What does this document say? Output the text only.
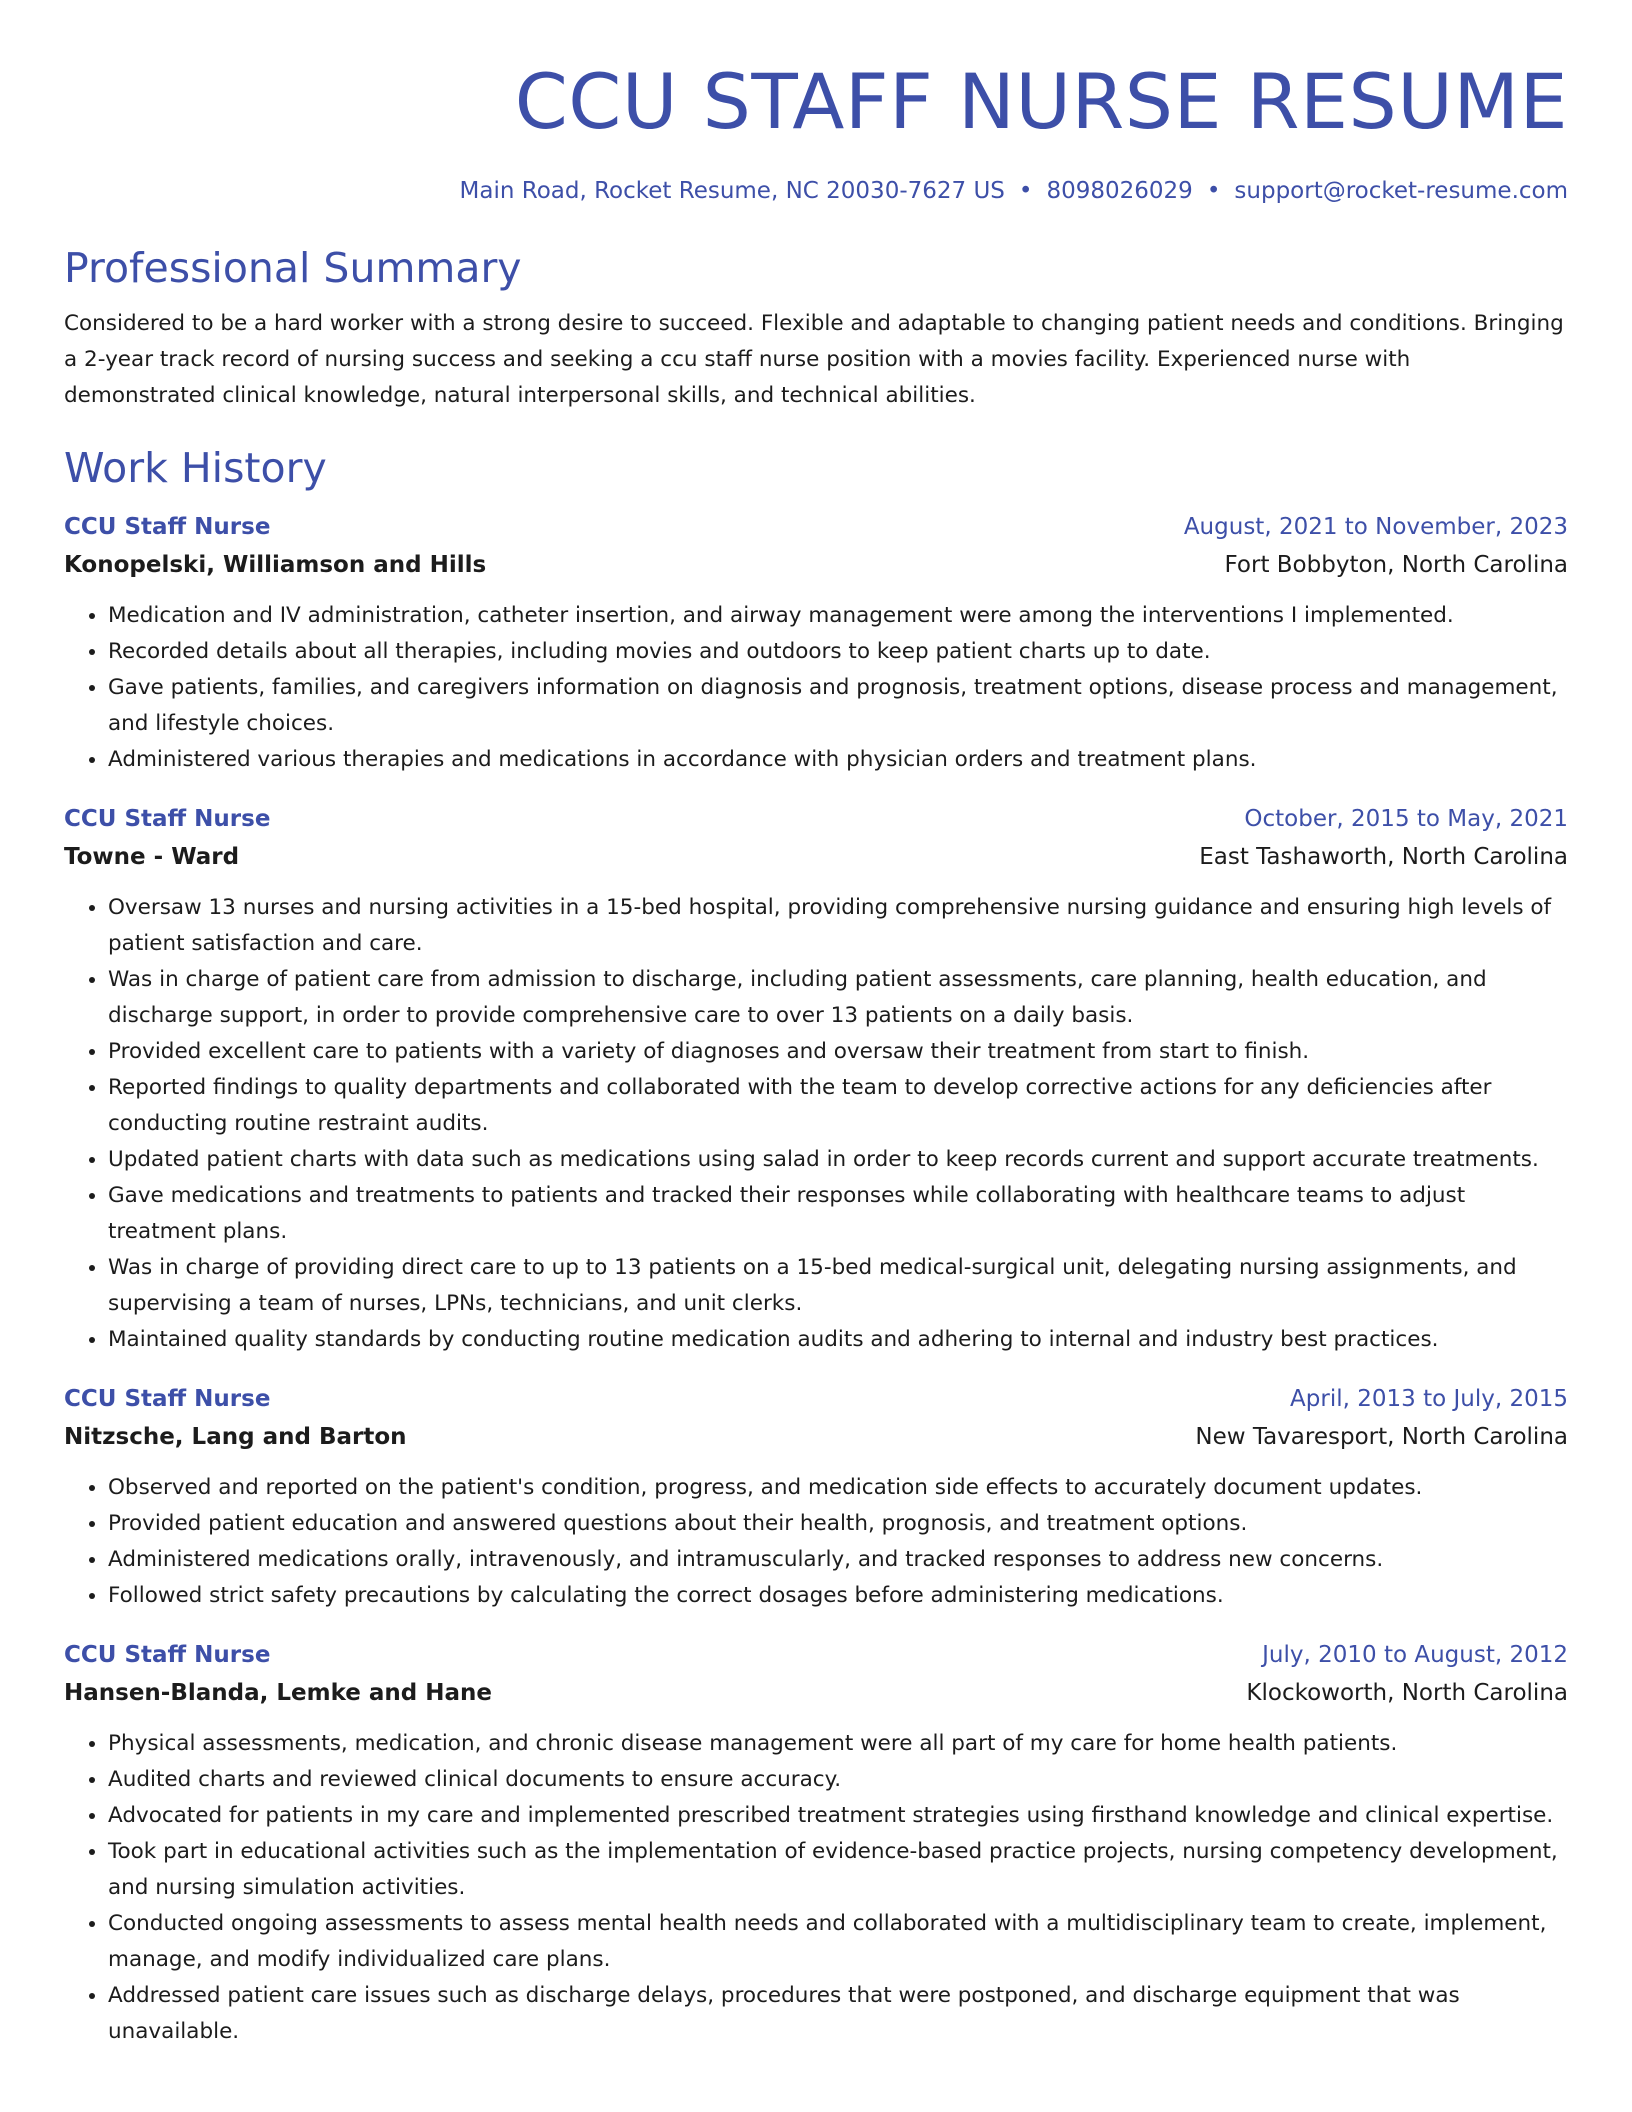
CCU STAFF NURSE RESUME
Main Road, Rocket Resume, NC 20030-7627 US • 8098026029 • support@rocket-resume.com
Professional Summary
Considered to be a hard worker with a strong desire to succeed. Flexible and adaptable to changing patient needs and conditions. Bringing a 2-year track record of nursing success and seeking a ccu staff nurse position with a movies facility. Experienced nurse with demonstrated clinical knowledge, natural interpersonal skills, and technical abilities.
Work History
CCU Staff Nurse	August, 2021 to November, 2023
Konopelski, Williamson and Hills	Fort Bobbyton, North Carolina
• Medication and IV administration, catheter insertion, and airway management were among the interventions I implemented.
• Recorded details about all therapies, including movies and outdoors to keep patient charts up to date.
• Gave patients, families, and caregivers information on diagnosis and prognosis, treatment options, disease process and management, and lifestyle choices.
• Administered various therapies and medications in accordance with physician orders and treatment plans.
CCU Staff Nurse	October, 2015 to May, 2021
Towne - Ward	East Tashaworth, North Carolina
• Oversaw 13 nurses and nursing activities in a 15-bed hospital, providing comprehensive nursing guidance and ensuring high levels of patient satisfaction and care.
• Was in charge of patient care from admission to discharge, including patient assessments, care planning, health education, and discharge support, in order to provide comprehensive care to over 13 patients on a daily basis.
• Provided excellent care to patients with a variety of diagnoses and oversaw their treatment from start to finish.
• Reported findings to quality departments and collaborated with the team to develop corrective actions for any deficiencies after conducting routine restraint audits.
• Updated patient charts with data such as medications using salad in order to keep records current and support accurate treatments.
• Gave medications and treatments to patients and tracked their responses while collaborating with healthcare teams to adjust treatment plans.
• Was in charge of providing direct care to up to 13 patients on a 15-bed medical-surgical unit, delegating nursing assignments, and supervising a team of nurses, LPNs, technicians, and unit clerks.
• Maintained quality standards by conducting routine medication audits and adhering to internal and industry best practices.
CCU Staff Nurse	April, 2013 to July, 2015
Nitzsche, Lang and Barton	New Tavaresport, North Carolina
• Observed and reported on the patient's condition, progress, and medication side effects to accurately document updates.
• Provided patient education and answered questions about their health, prognosis, and treatment options.
• Administered medications orally, intravenously, and intramuscularly, and tracked responses to address new concerns.
• Followed strict safety precautions by calculating the correct dosages before administering medications.
CCU Staff Nurse	July, 2010 to August, 2012
Hansen-Blanda, Lemke and Hane	Klockoworth, North Carolina
• Physical assessments, medication, and chronic disease management were all part of my care for home health patients.
• Audited charts and reviewed clinical documents to ensure accuracy.
• Advocated for patients in my care and implemented prescribed treatment strategies using firsthand knowledge and clinical expertise.
• Took part in educational activities such as the implementation of evidence-based practice projects, nursing competency development, and nursing simulation activities.
• Conducted ongoing assessments to assess mental health needs and collaborated with a multidisciplinary team to create, implement, manage, and modify individualized care plans.
• Addressed patient care issues such as discharge delays, procedures that were postponed, and discharge equipment that was unavailable.
